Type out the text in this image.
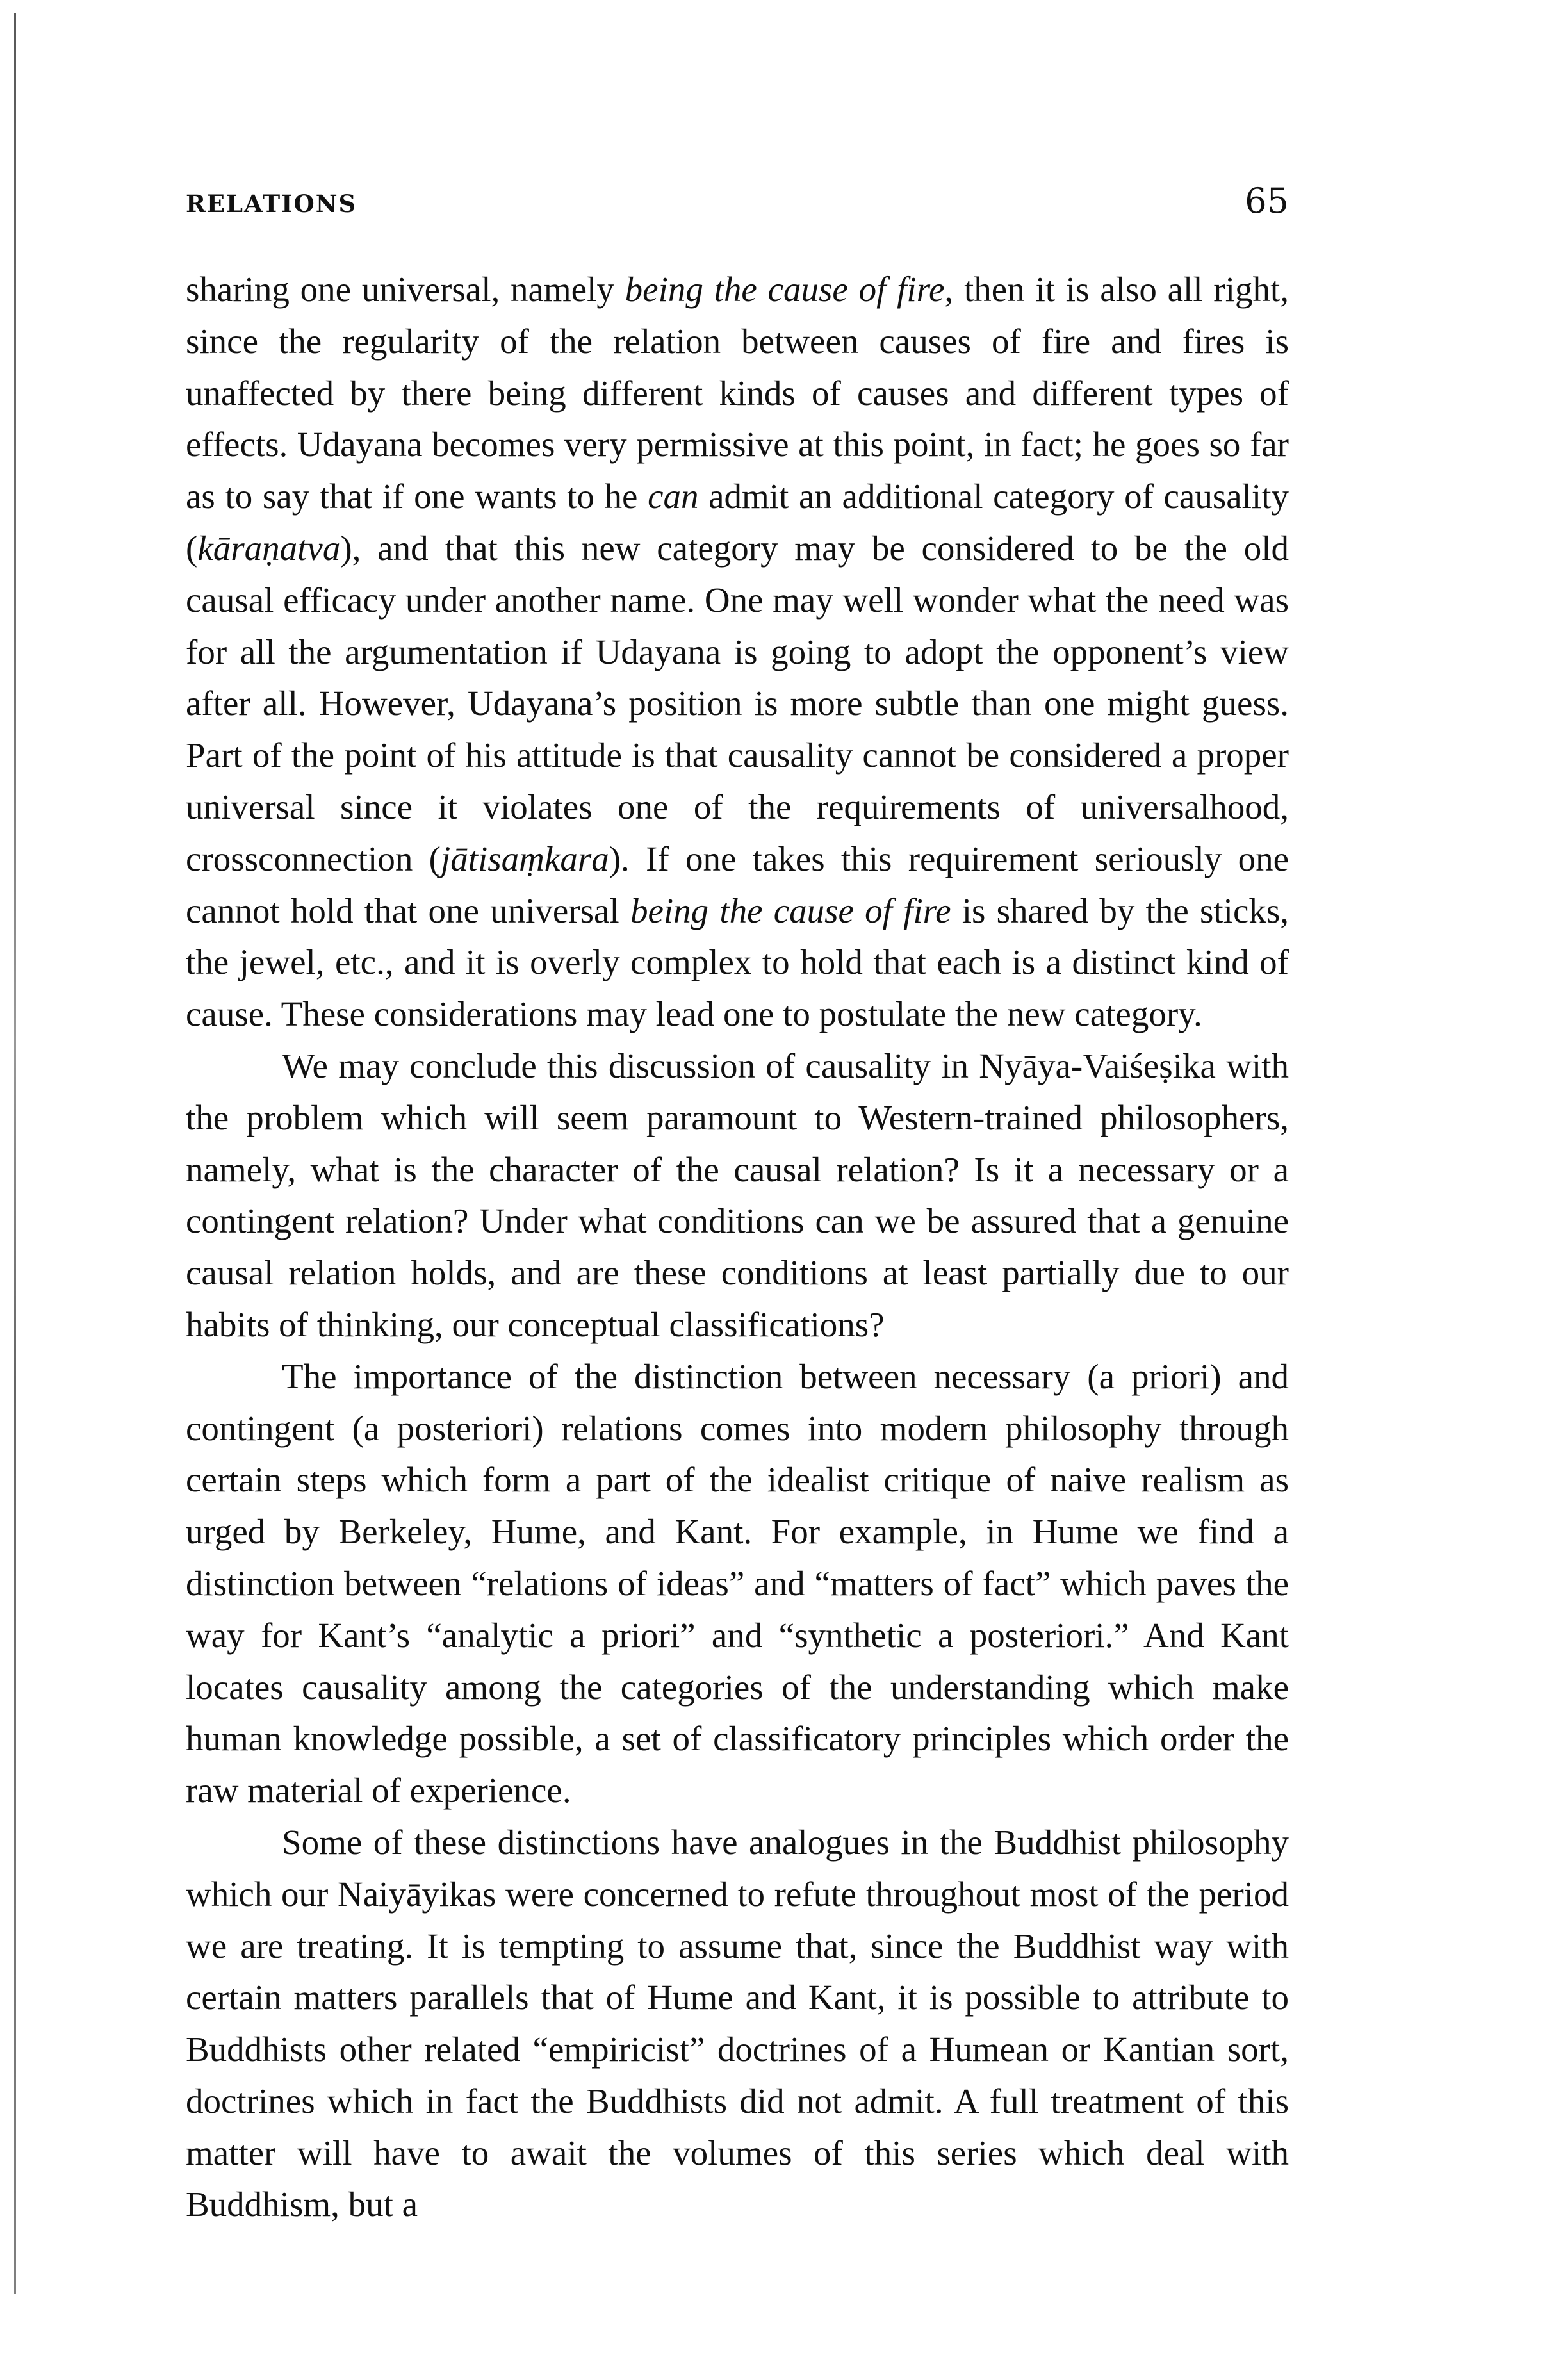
RELATIONS	65

sharing one universal, namely being the cause of fire, then it is also all right, since the regularity of the relation between causes of fire and fires is unaffected by there being different kinds of causes and different types of effects. Udayana becomes very permissive at this point, in fact; he goes so far as to say that if one wants to he can admit an additional category of causality (kāraṇatva), and that this new category may be considered to be the old causal efficacy under another name. One may well wonder what the need was for all the argumentation if Udayana is going to adopt the opponent’s view after all. However, Udayana’s position is more subtle than one might guess. Part of the point of his attitude is that causality cannot be considered a proper universal since it violates one of the requirements of universalhood, crossconnection (jātisaṃkara). If one takes this requirement seriously one cannot hold that one universal being the cause of fire is shared by the sticks, the jewel, etc., and it is overly complex to hold that each is a distinct kind of cause. These considerations may lead one to postulate the new category.

We may conclude this discussion of causality in Nyāya-Vaiśeṣika with the problem which will seem paramount to Western-trained philosophers, namely, what is the character of the causal relation? Is it a necessary or a contingent relation? Under what conditions can we be assured that a genuine causal relation holds, and are these conditions at least partially due to our habits of thinking, our conceptual classifications?

The importance of the distinction between necessary (a priori) and contingent (a posteriori) relations comes into modern philosophy through certain steps which form a part of the idealist critique of naive realism as urged by Berkeley, Hume, and Kant. For example, in Hume we find a distinction between “relations of ideas” and “matters of fact” which paves the way for Kant’s “analytic a priori” and “synthetic a posteriori.” And Kant locates causality among the categories of the understanding which make human knowledge possible, a set of classificatory principles which order the raw material of experience.

Some of these distinctions have analogues in the Buddhist philosophy which our Naiyāyikas were concerned to refute throughout most of the period we are treating. It is tempting to assume that, since the Buddhist way with certain matters parallels that of Hume and Kant, it is possible to attribute to Buddhists other related “empiricist” doctrines of a Humean or Kantian sort, doctrines which in fact the Buddhists did not admit. A full treatment of this matter will have to await the volumes of this series which deal with Buddhism, but a
